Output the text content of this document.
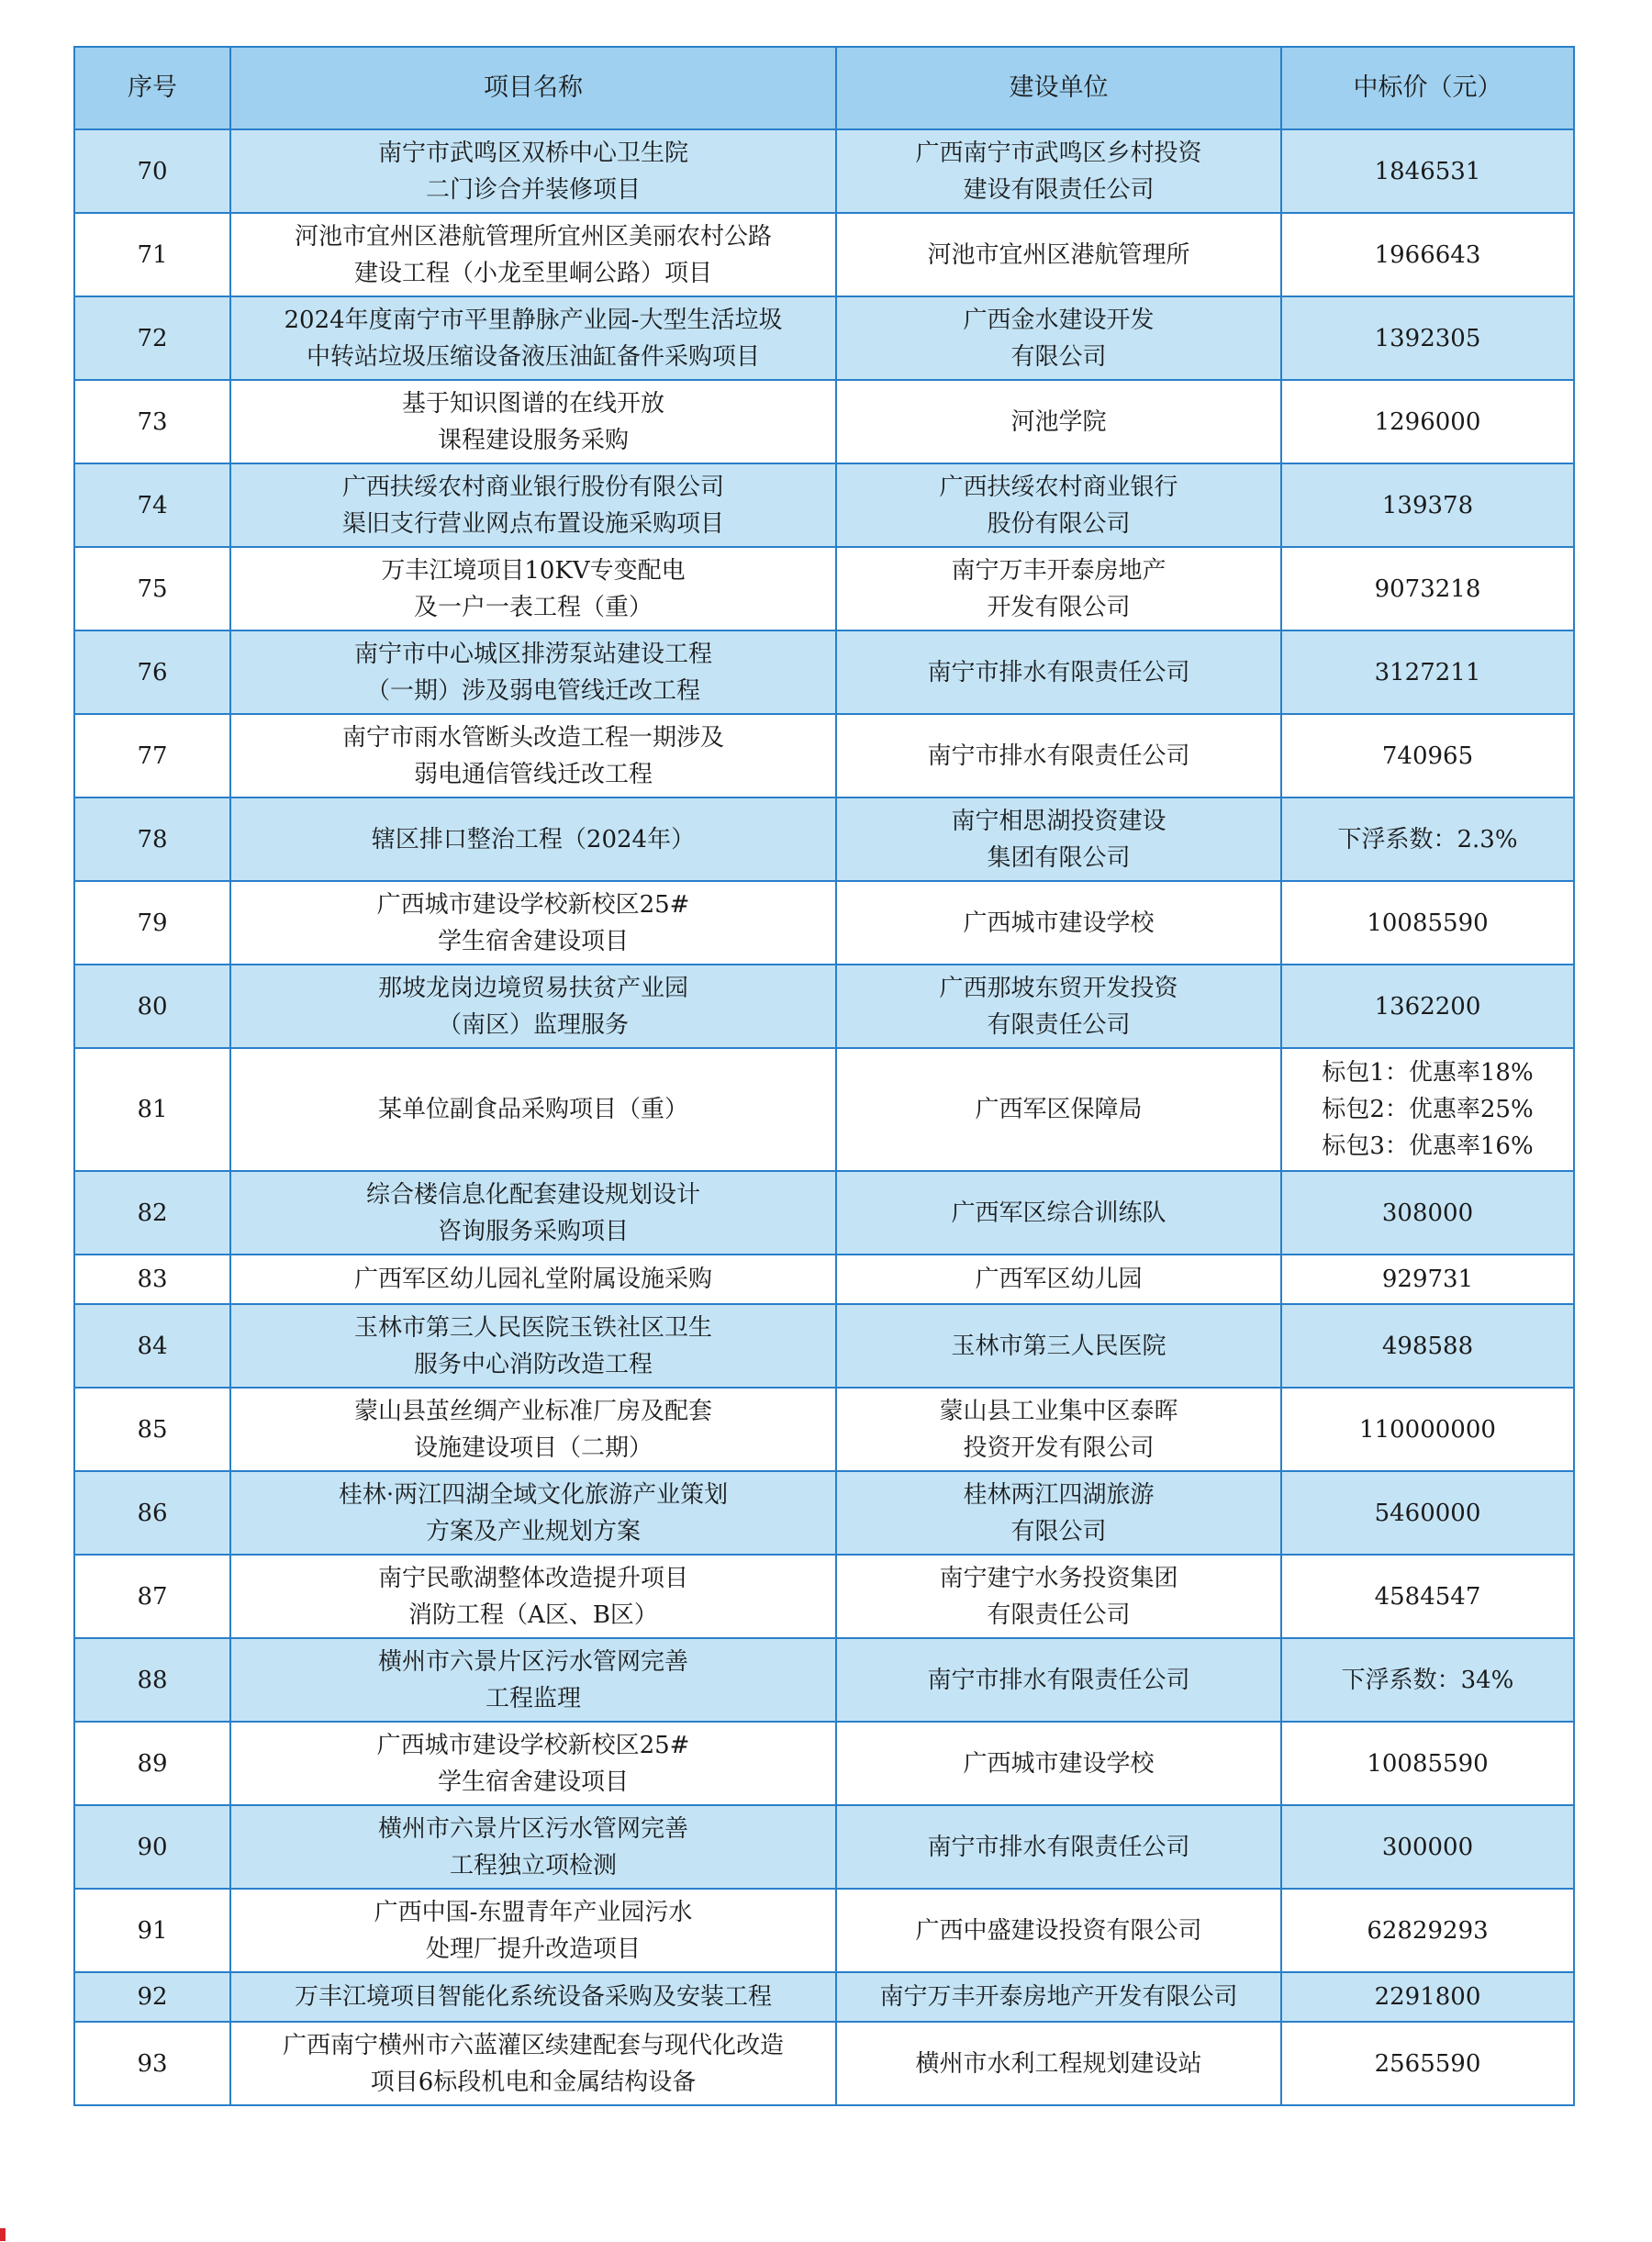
序号	项目名称	建设单位	中标价（元）
70	南宁市武鸣区双桥中心卫生院
二门诊合并装修项目	广西南宁市武鸣区乡村投资
建设有限责任公司	1846531

71	河池市宜州区港航管理所宜州区美丽农村公路
建设工程（小龙至里峒公路）项目	河池市宜州区港航管理所	1966643

72	2024年度南宁市平里静脉产业园-大型生活垃圾
中转站垃圾压缩设备液压油缸备件采购项目	广西金水建设开发
有限公司	1392305

73	基于知识图谱的在线开放
课程建设服务采购	河池学院	1296000

74	广西扶绥农村商业银行股份有限公司
渠旧支行营业网点布置设施采购项目	广西扶绥农村商业银行
股份有限公司	139378

75	万丰江境项目10KV专变配电
及一户一表工程（重）	南宁万丰开泰房地产
开发有限公司	9073218

76	南宁市中心城区排涝泵站建设工程
（一期）涉及弱电管线迁改工程	南宁市排水有限责任公司	3127211

77	南宁市雨水管断头改造工程一期涉及
弱电通信管线迁改工程	南宁市排水有限责任公司	740965

78	辖区排口整治工程（2024年）	南宁相思湖投资建设
集团有限公司	下浮系数：2.3%

79	广西城市建设学校新校区25#
学生宿舍建设项目	广西城市建设学校	10085590

80	那坡龙岗边境贸易扶贫产业园
（南区）监理服务	广西那坡东贸开发投资
有限责任公司	1362200

81	某单位副食品采购项目（重）	广西军区保障局	标包1：优惠率18%
标包2：优惠率25%
标包3：优惠率16%

82	综合楼信息化配套建设规划设计
咨询服务采购项目	广西军区综合训练队	308000

83	广西军区幼儿园礼堂附属设施采购	广西军区幼儿园	929731

84	玉林市第三人民医院玉铁社区卫生
服务中心消防改造工程	玉林市第三人民医院	498588

85	蒙山县茧丝绸产业标准厂房及配套
设施建设项目（二期）	蒙山县工业集中区泰晖
投资开发有限公司	110000000

86	桂林·两江四湖全域文化旅游产业策划
方案及产业规划方案	桂林两江四湖旅游
有限公司	5460000

87	南宁民歌湖整体改造提升项目
消防工程（A区、B区）	南宁建宁水务投资集团
有限责任公司	4584547

88	横州市六景片区污水管网完善
工程监理	南宁市排水有限责任公司	下浮系数：34%

89	广西城市建设学校新校区25#
学生宿舍建设项目	广西城市建设学校	10085590

90	横州市六景片区污水管网完善
工程独立项检测	南宁市排水有限责任公司	300000

91	广西中国-东盟青年产业园污水
处理厂提升改造项目	广西中盛建设投资有限公司	62829293

92	万丰江境项目智能化系统设备采购及安装工程	南宁万丰开泰房地产开发有限公司	2291800

93	广西南宁横州市六蓝灌区续建配套与现代化改造
项目6标段机电和金属结构设备	横州市水利工程规划建设站	2565590
